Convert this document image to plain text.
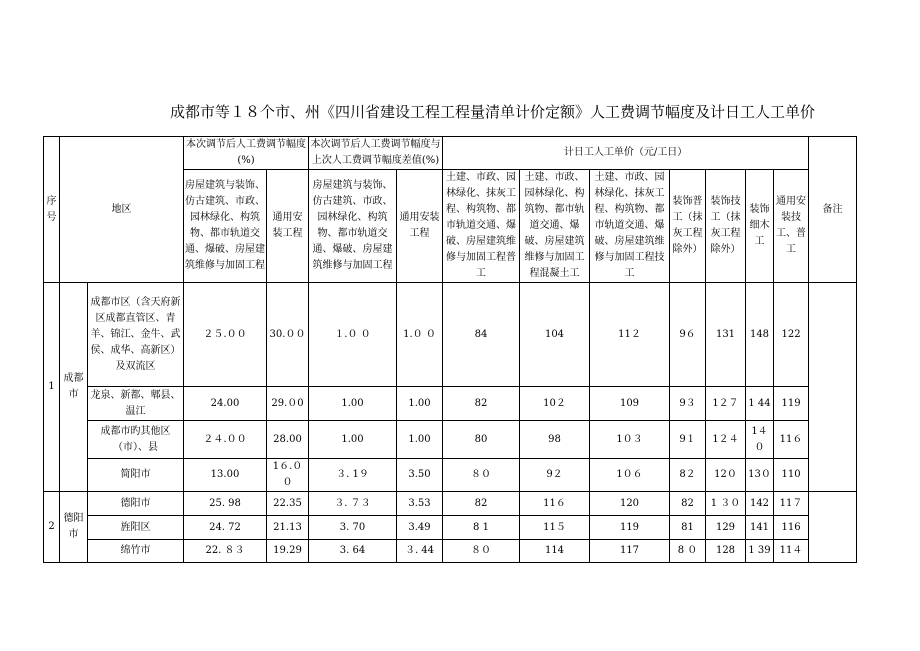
成都市等１８个市、州《四川省建设工程工程量清单计价定额》人工费调节幅度及计日工人工单价
序号	地区		本次调节后人工费调节幅度(%)		本次调节后人工费调节幅度与上次人工费调节幅度差值(%)		计日工人工单价（元/工日）							备注
			房屋建筑与装饰、仿古建筑、市政、园林绿化、构筑物、都市轨道交通、爆破、房屋建筑维修与加固工程	通用安装工程	房屋建筑与装饰、仿古建筑、市政、园林绿化、构筑物、都市轨道交通、爆破、房屋建筑维修与加固工程	通用安装工程	土建、市政、园林绿化、抹灰工程、构筑物、都市轨道交通、爆破、房屋建筑维修与加固工程普工	土建、市政、园林绿化、构筑物、都市轨道交通、爆破、房屋建筑维修与加固工程混凝土工	土建、市政、园林绿化、抹灰工程、构筑物、都市轨道交通、爆破、房屋建筑维修与加固工程技工	装饰普工（抹灰工程除外）	装饰技工（抹灰工程除外）	装饰细木工	通用安装技工、普工	
1	成都市	成都市区（含天府新区成都直管区、青羊、锦江、金牛、武侯、成华、高新区）及双流区	２５.００	30.００	１.０ ０	1.０ ０	84	104	11２	9６	131	148	122	
		龙泉、新都、郫县、温江	24.00	29.０0	1.00	1.00	82	10２	109	9３	1２７	1 44	119	
		成都市旳其他区（市）、县	２４.００	28.00	1.00	1.00	80	98	1０３	9１	1２４	1４０	11６	
		简阳市	13.00	1６.００	３. 1９	3.50	８０	9２	1０６	8２	12０	13０	110	
2	德阳市	德阳市	25. 98	22.35	３. ７３	3.53	82	11６	120	82	1 ３０	142	11７	
		旌阳区	24. 72	21.13	3. 70	3.49	8 1	11５	119	81	129	141	116	
		绵竹市	22. ８３	19.29	3. 64	３. 44	８０	114	117	8 ０	128	1 39	11４	
